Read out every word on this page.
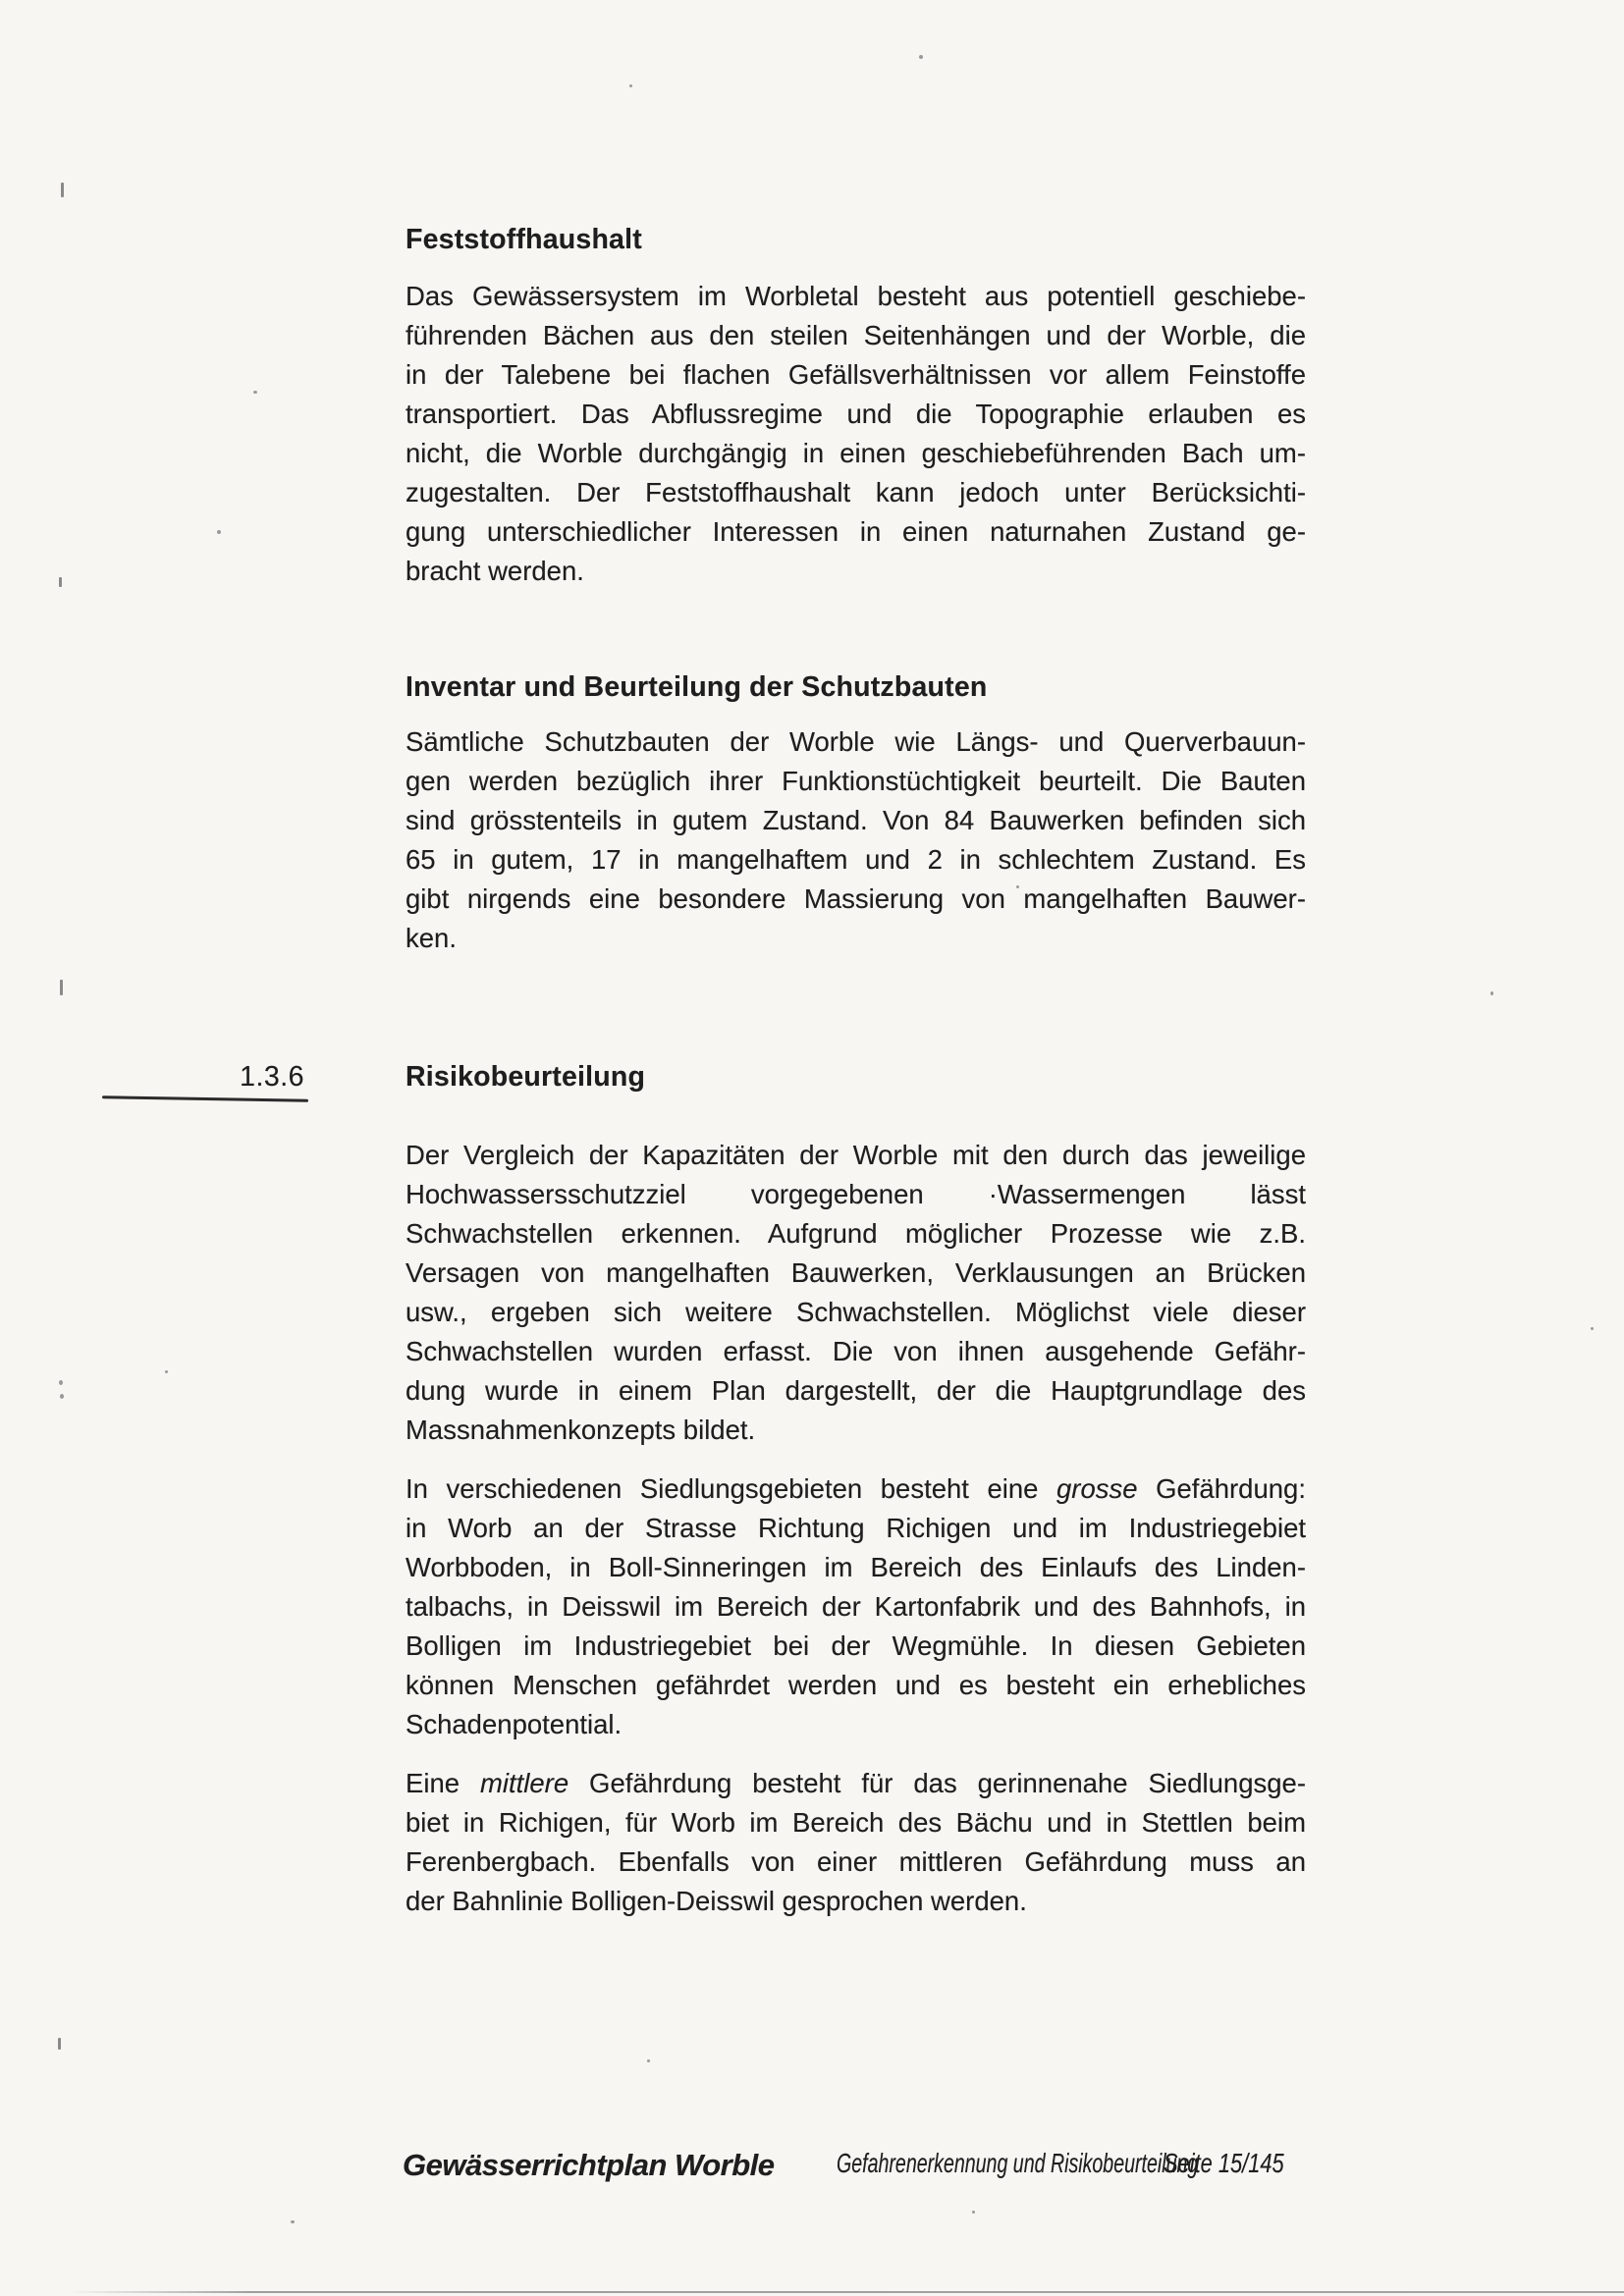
Feststoffhaushalt
Das Gewässersystem im Worbletal besteht aus potentiell geschiebe-
führenden Bächen aus den steilen Seitenhängen und der Worble, die
in der Talebene bei flachen Gefällsverhältnissen vor allem Feinstoffe
transportiert. Das Abflussregime und die Topographie erlauben es
nicht, die Worble durchgängig in einen geschiebeführenden Bach um-
zugestalten. Der Feststoffhaushalt kann jedoch unter Berücksichti-
gung unterschiedlicher Interessen in einen naturnahen Zustand ge-
bracht werden.
Inventar und Beurteilung der Schutzbauten
Sämtliche Schutzbauten der Worble wie Längs- und Querverbauun-
gen werden bezüglich ihrer Funktionstüchtigkeit beurteilt. Die Bauten
sind grösstenteils in gutem Zustand. Von 84 Bauwerken befinden sich
65 in gutem, 17 in mangelhaftem und 2 in schlechtem Zustand. Es
gibt nirgends eine besondere Massierung von mangelhaften Bauwer-
ken.
1.3.6	Risikobeurteilung
Der Vergleich der Kapazitäten der Worble mit den durch das jeweilige
Hochwassersschutzziel vorgegebenen ·Wassermengen lässt
Schwachstellen erkennen. Aufgrund möglicher Prozesse wie z.B.
Versagen von mangelhaften Bauwerken, Verklausungen an Brücken
usw., ergeben sich weitere Schwachstellen. Möglichst viele dieser
Schwachstellen wurden erfasst. Die von ihnen ausgehende Gefähr-
dung wurde in einem Plan dargestellt, der die Hauptgrundlage des
Massnahmenkonzepts bildet.
In verschiedenen Siedlungsgebieten besteht eine grosse Gefährdung:
in Worb an der Strasse Richtung Richigen und im Industriegebiet
Worbboden, in Boll-Sinneringen im Bereich des Einlaufs des Linden-
talbachs, in Deisswil im Bereich der Kartonfabrik und des Bahnhofs, in
Bolligen im Industriegebiet bei der Wegmühle. In diesen Gebieten
können Menschen gefährdet werden und es besteht ein erhebliches
Schadenpotential.
Eine mittlere Gefährdung besteht für das gerinnenahe Siedlungsge-
biet in Richigen, für Worb im Bereich des Bächu und in Stettlen beim
Ferenbergbach. Ebenfalls von einer mittleren Gefährdung muss an
der Bahnlinie Bolligen-Deisswil gesprochen werden.
Gewässerrichtplan Worble Gefahrenerkennung und Risikobeurteilung
Seite 15/145
